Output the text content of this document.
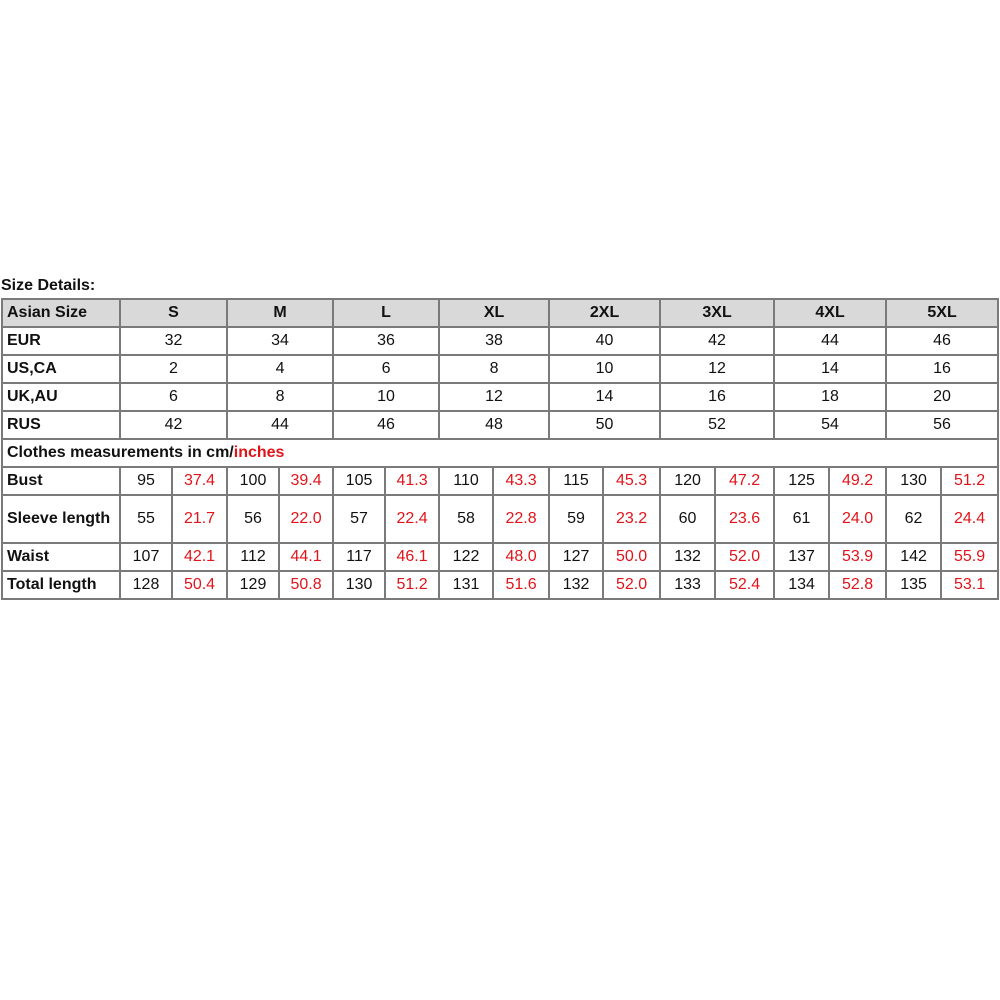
Size Details:
Asian Size	S		M		L		XL		2XL		3XL		4XL		5XL	
EUR	32		34		36		38		40		42		44		46	
US,CA	2		4		6		8		10		12		14		16	
UK,AU	6		8		10		12		14		16		18		20	
RUS	42		44		46		48		50		52		54		56	
Clothes measurements in cm/inches																
Bust	95	37.4	100	39.4	105	41.3	110	43.3	115	45.3	120	47.2	125	49.2	130	51.2
Sleeve length	55	21.7	56	22.0	57	22.4	58	22.8	59	23.2	60	23.6	61	24.0	62	24.4
Waist	107	42.1	112	44.1	117	46.1	122	48.0	127	50.0	132	52.0	137	53.9	142	55.9
Total length	128	50.4	129	50.8	130	51.2	131	51.6	132	52.0	133	52.4	134	52.8	135	53.1
